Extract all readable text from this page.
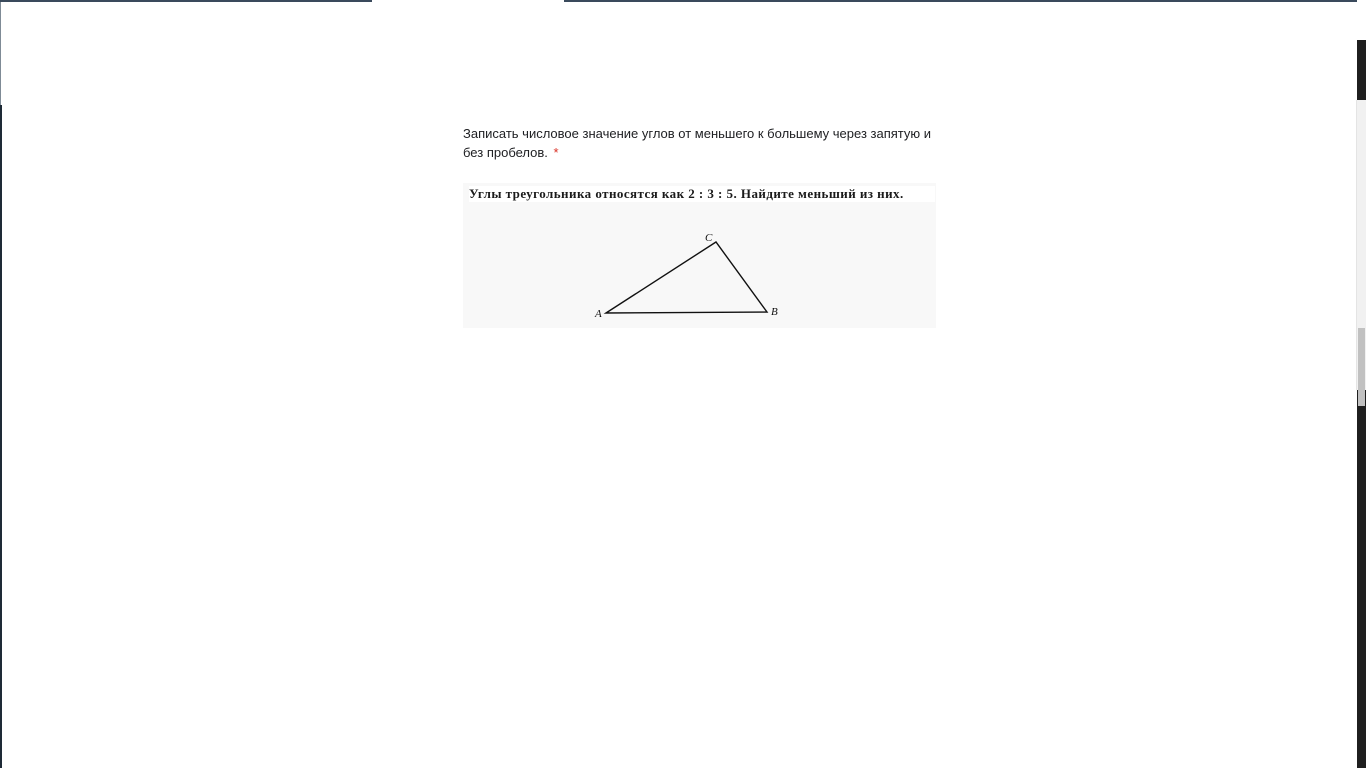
Записать числовое значение углов от меньшего к большему через запятую и без пробелов. *

Углы треугольника относятся как 2 : 3 : 5. Найдите меньший из них.
A	B
C
